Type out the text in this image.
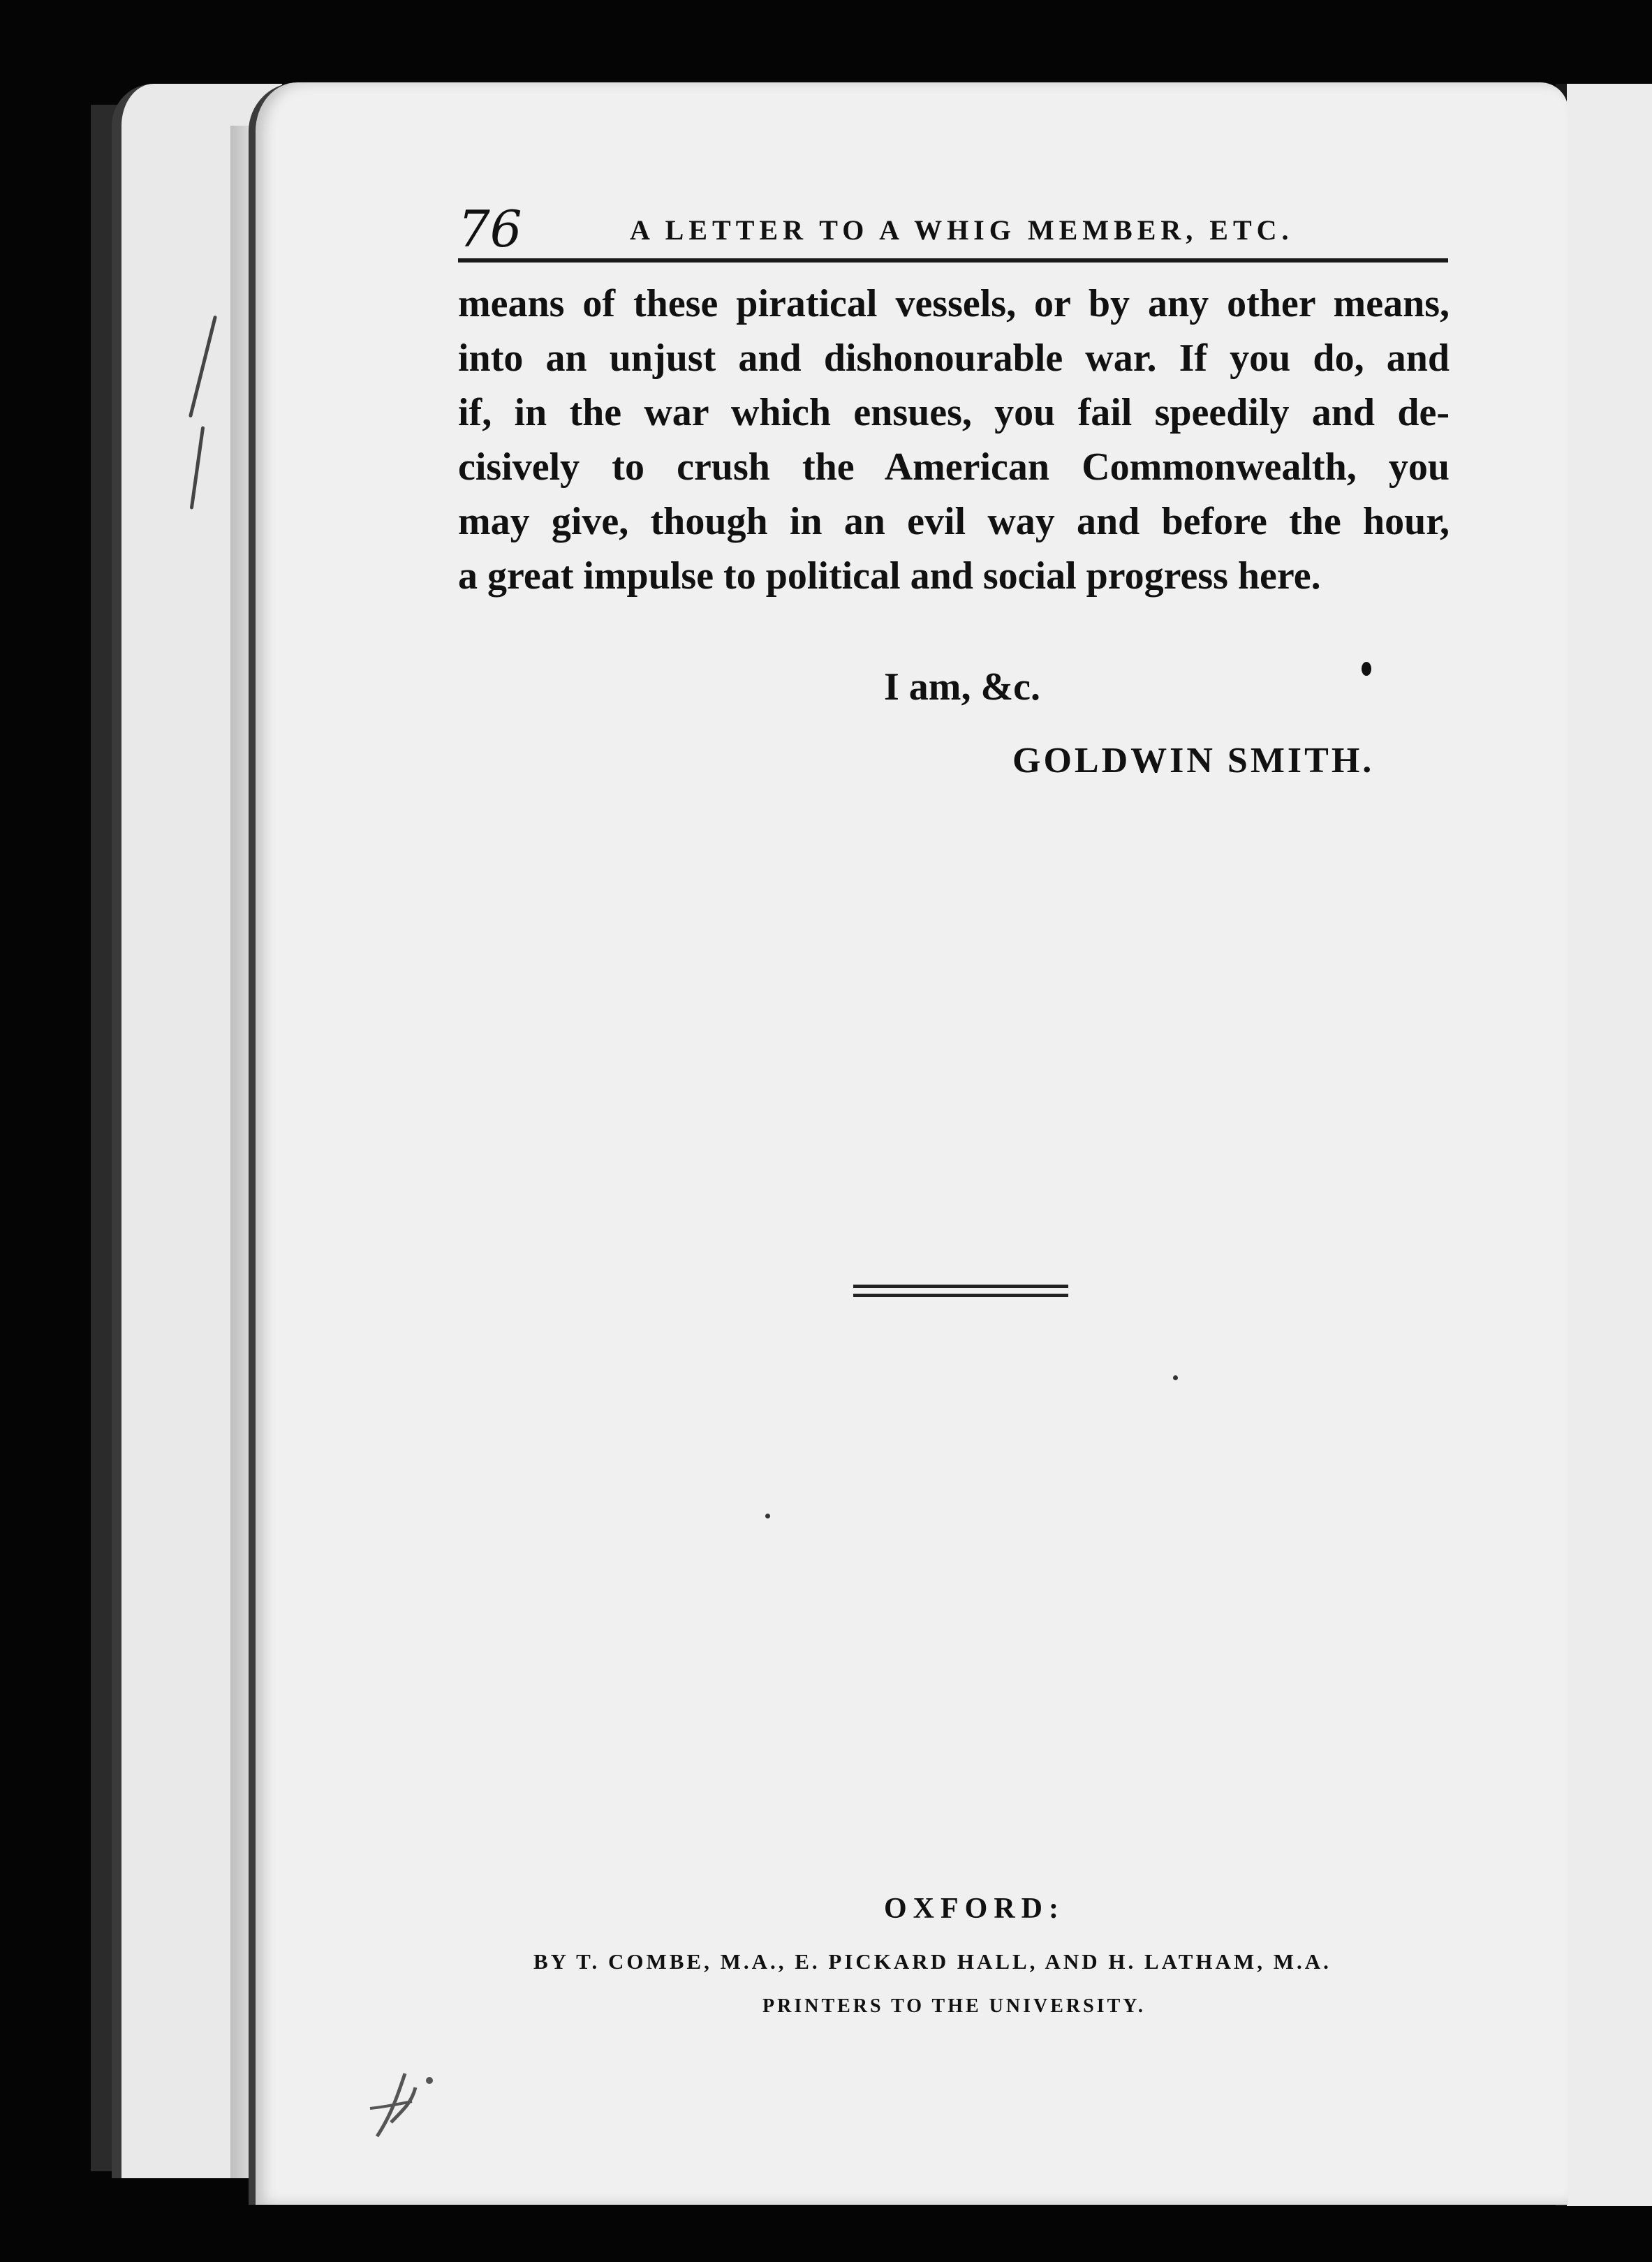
76	A LETTER TO A WHIG MEMBER, ETC.
means of these piratical vessels, or by any other means,
into an unjust and dishonourable war. If you do, and
if, in the war which ensues, you fail speedily and de-
cisively to crush the American Commonwealth, you
may give, though in an evil way and before the hour,
a great impulse to political and social progress here.
I am, &c.
GOLDWIN SMITH.
OXFORD:
BY T. COMBE, M.A., E. PICKARD HALL, AND H. LATHAM, M.A.
PRINTERS TO THE UNIVERSITY.
